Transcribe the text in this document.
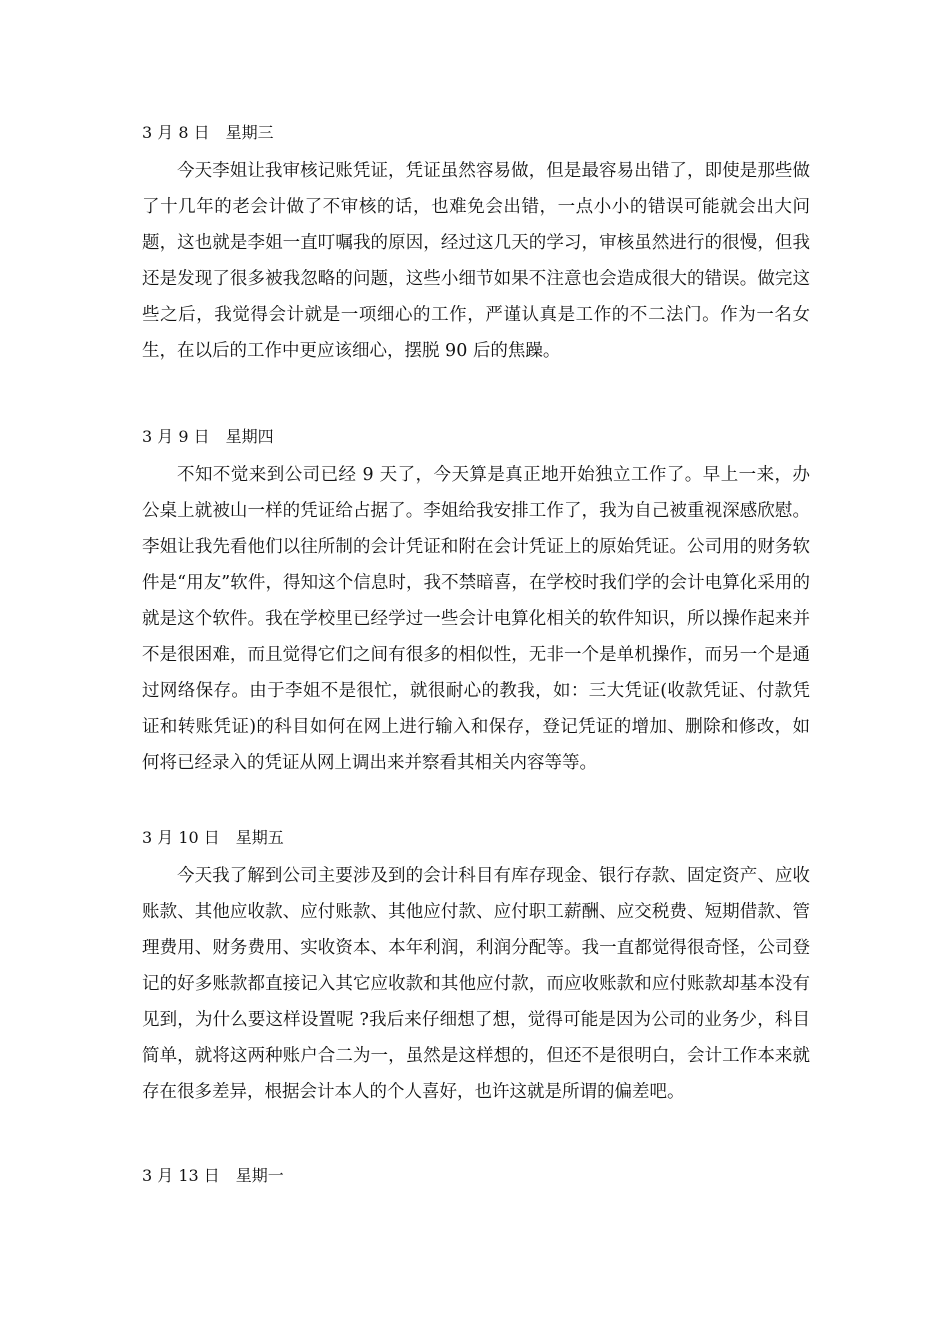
3 月 8 日　星期三

今天李姐让我审核记账凭证，凭证虽然容易做，但是最容易出错了，即使是那些做了十几年的老会计做了不审核的话，也难免会出错，一点小小的错误可能就会出大问题，这也就是李姐一直叮嘱我的原因，经过这几天的学习，审核虽然进行的很慢，但我还是发现了很多被我忽略的问题，这些小细节如果不注意也会造成很大的错误。做完这些之后，我觉得会计就是一项细心的工作，严谨认真是工作的不二法门。作为一名女生，在以后的工作中更应该细心，摆脱 90 后的焦躁。

3 月 9 日　星期四

不知不觉来到公司已经 9 天了，今天算是真正地开始独立工作了。早上一来，办公桌上就被山一样的凭证给占据了。李姐给我安排工作了，我为自己被重视深感欣慰。李姐让我先看他们以往所制的会计凭证和附在会计凭证上的原始凭证。公司用的财务软件是“用友”软件，得知这个信息时，我不禁暗喜，在学校时我们学的会计电算化采用的就是这个软件。我在学校里已经学过一些会计电算化相关的软件知识，所以操作起来并不是很困难，而且觉得它们之间有很多的相似性，无非一个是单机操作，而另一个是通过网络保存。由于李姐不是很忙，就很耐心的教我，如：三大凭证(收款凭证、付款凭证和转账凭证)的科目如何在网上进行输入和保存，登记凭证的增加、删除和修改，如何将已经录入的凭证从网上调出来并察看其相关内容等等。

3 月 10 日　星期五

今天我了解到公司主要涉及到的会计科目有库存现金、银行存款、固定资产、应收账款、其他应收款、应付账款、其他应付款、应付职工薪酬、应交税费、短期借款、管理费用、财务费用、实收资本、本年利润，利润分配等。我一直都觉得很奇怪，公司登记的好多账款都直接记入其它应收款和其他应付款，而应收账款和应付账款却基本没有见到，为什么要这样设置呢 ?我后来仔细想了想，觉得可能是因为公司的业务少，科目简单，就将这两种账户合二为一，虽然是这样想的，但还不是很明白，会计工作本来就存在很多差异，根据会计本人的个人喜好，也许这就是所谓的偏差吧。

3 月 13 日　星期一
